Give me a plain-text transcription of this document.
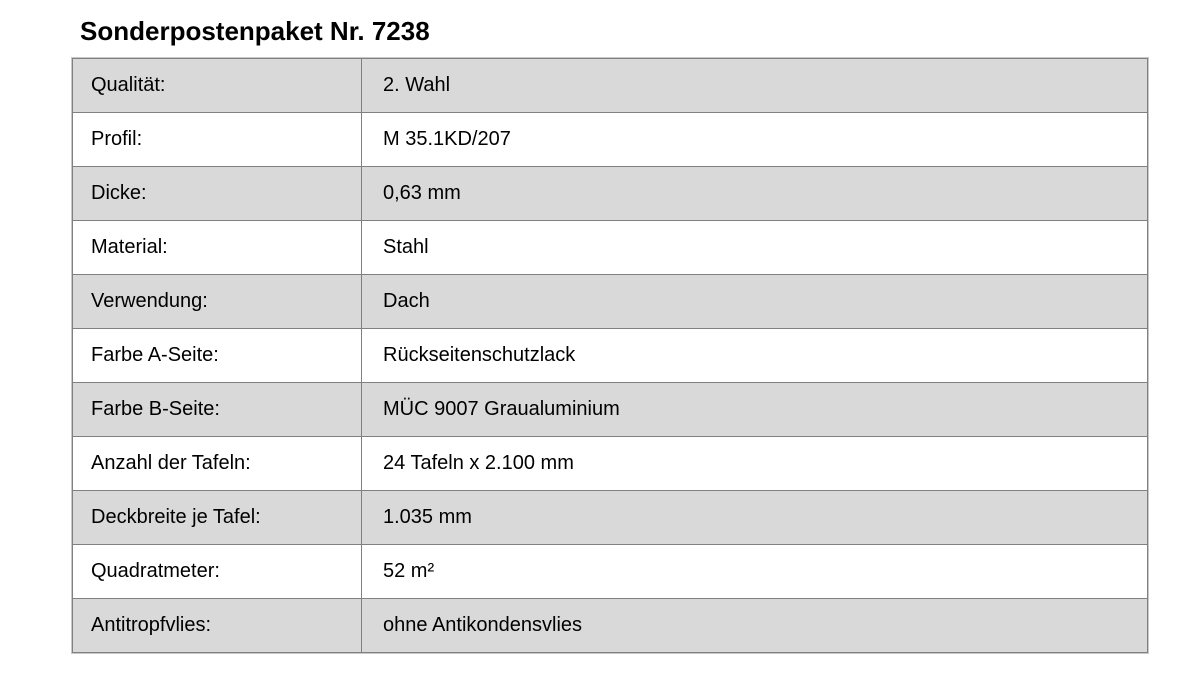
Sonderpostenpaket Nr. 7238
Qualität:	2. Wahl
Profil:	M 35.1KD/207
Dicke:	0,63 mm
Material:	Stahl
Verwendung:	Dach
Farbe A-Seite:	Rückseitenschutzlack
Farbe B-Seite:	MÜC 9007 Graualuminium
Anzahl der Tafeln:	24 Tafeln x 2.100 mm
Deckbreite je Tafel:	1.035 mm
Quadratmeter:	52 m²
Antitropfvlies:	ohne Antikondensvlies
